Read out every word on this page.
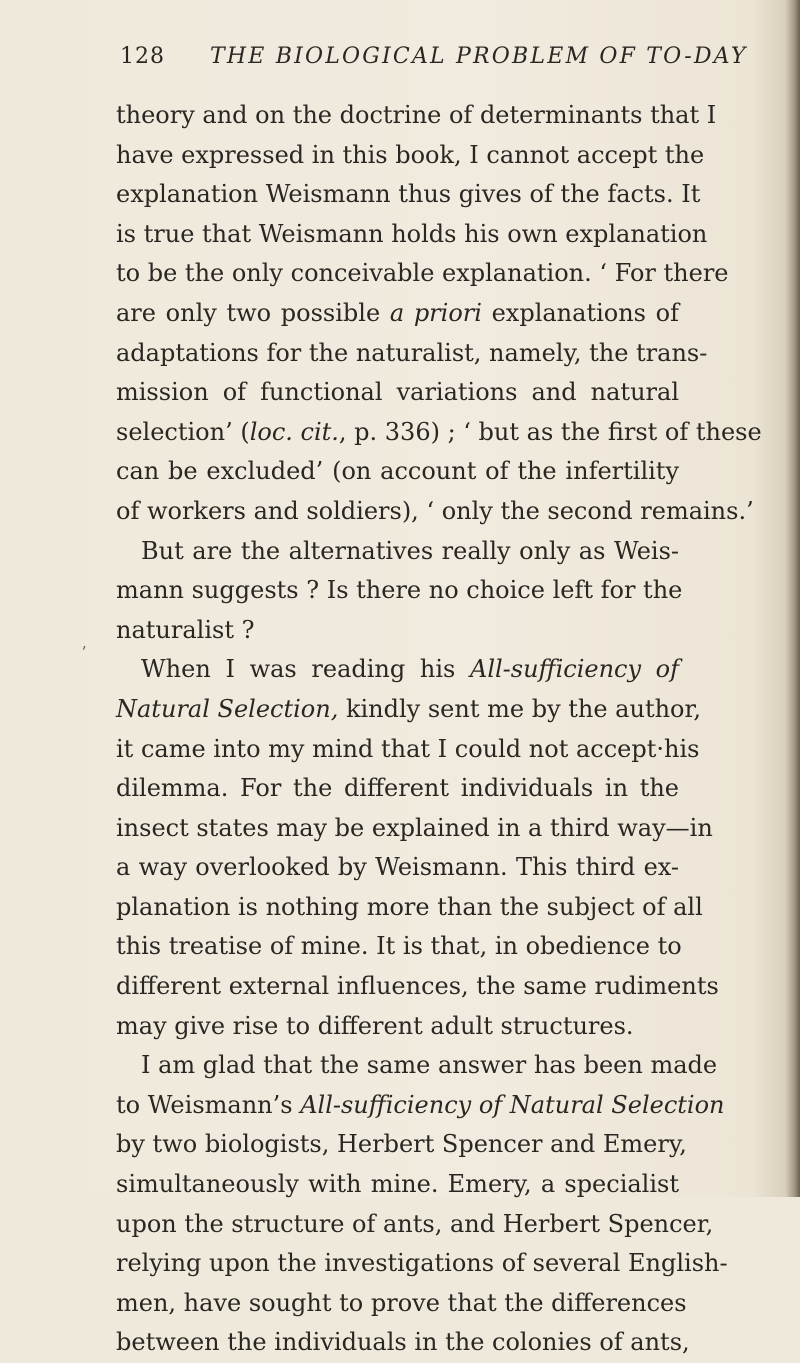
128 THE BIOLOGICAL PROBLEM OF TO-DAY
ʼ
theory and on the doctrine of determinants that I
have expressed in this book, I cannot accept the
explanation Weismann thus gives of the facts. It
is true that Weismann holds his own explanation
to be the only conceivable explanation. ‘ For there
are only two possible a priori explanations of
adaptations for the naturalist, namely, the trans-
mission of functional variations and natural
selection’ (loc. cit., p. 336) ; ‘ but as the first of these
can be excluded’ (on account of the infertility
of workers and soldiers), ‘ only the second remains.’
But are the alternatives really only as Weis-
mann suggests ? Is there no choice left for the
naturalist ?
When I was reading his All-sufficiency of
Natural Selection, kindly sent me by the author,
it came into my mind that I could not accept·his
dilemma. For the different individuals in the
insect states may be explained in a third way—in
a way overlooked by Weismann. This third ex-
planation is nothing more than the subject of all
this treatise of mine. It is that, in obedience to
different external influences, the same rudiments
may give rise to different adult structures.
I am glad that the same answer has been made
to Weismann’s All-sufficiency of Natural Selection
by two biologists, Herbert Spencer and Emery,
simultaneously with mine. Emery, a specialist
upon the structure of ants, and Herbert Spencer,
relying upon the investigations of several English-
men, have sought to prove that the differences
between the individuals in the colonies of ants,
